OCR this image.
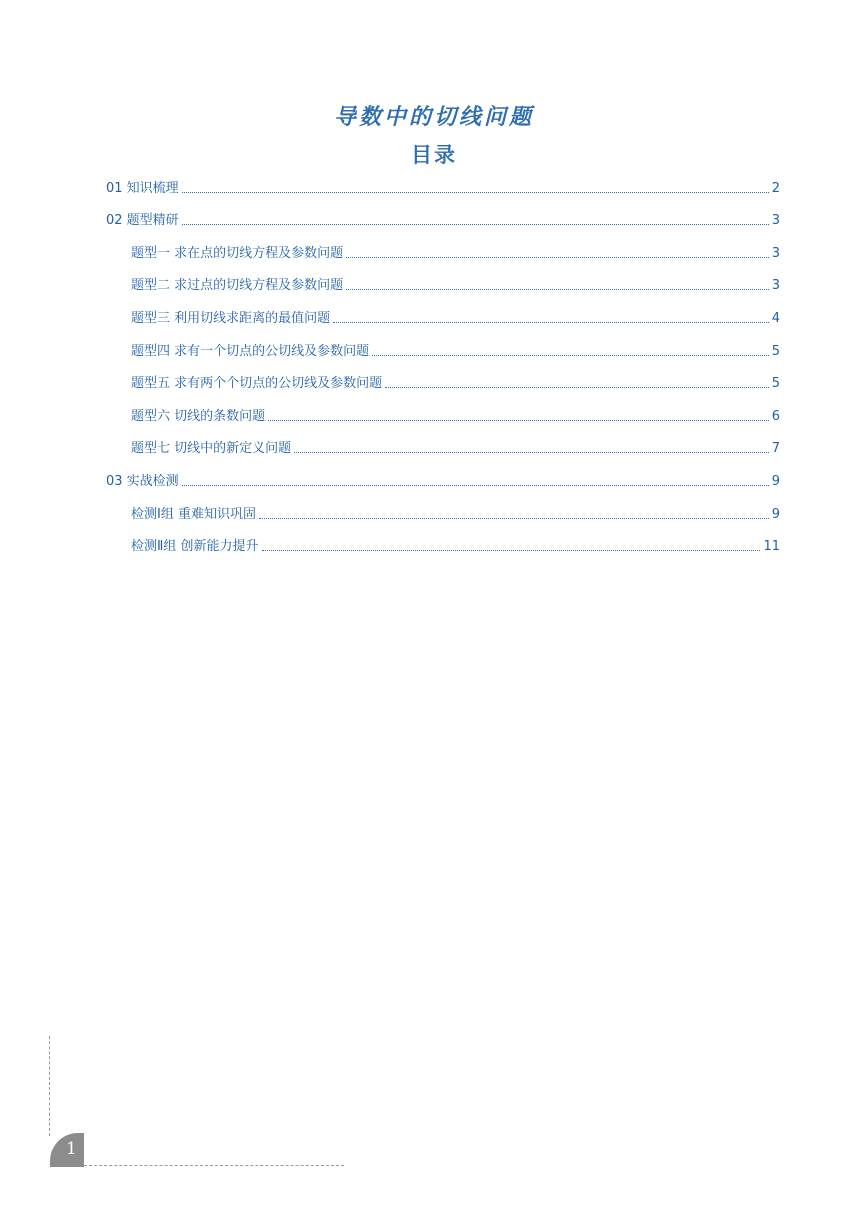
导数中的切线问题
目录
01 知识梳理	2
02 题型精研	3
题型一 求在点的切线方程及参数问题	3
题型二 求过点的切线方程及参数问题	3
题型三 利用切线求距离的最值问题	4
题型四 求有一个切点的公切线及参数问题	5
题型五 求有两个个切点的公切线及参数问题	5
题型六 切线的条数问题	6
题型七 切线中的新定义问题	7
03 实战检测	9
检测Ⅰ组 重难知识巩固	9
检测Ⅱ组 创新能力提升	11
1
